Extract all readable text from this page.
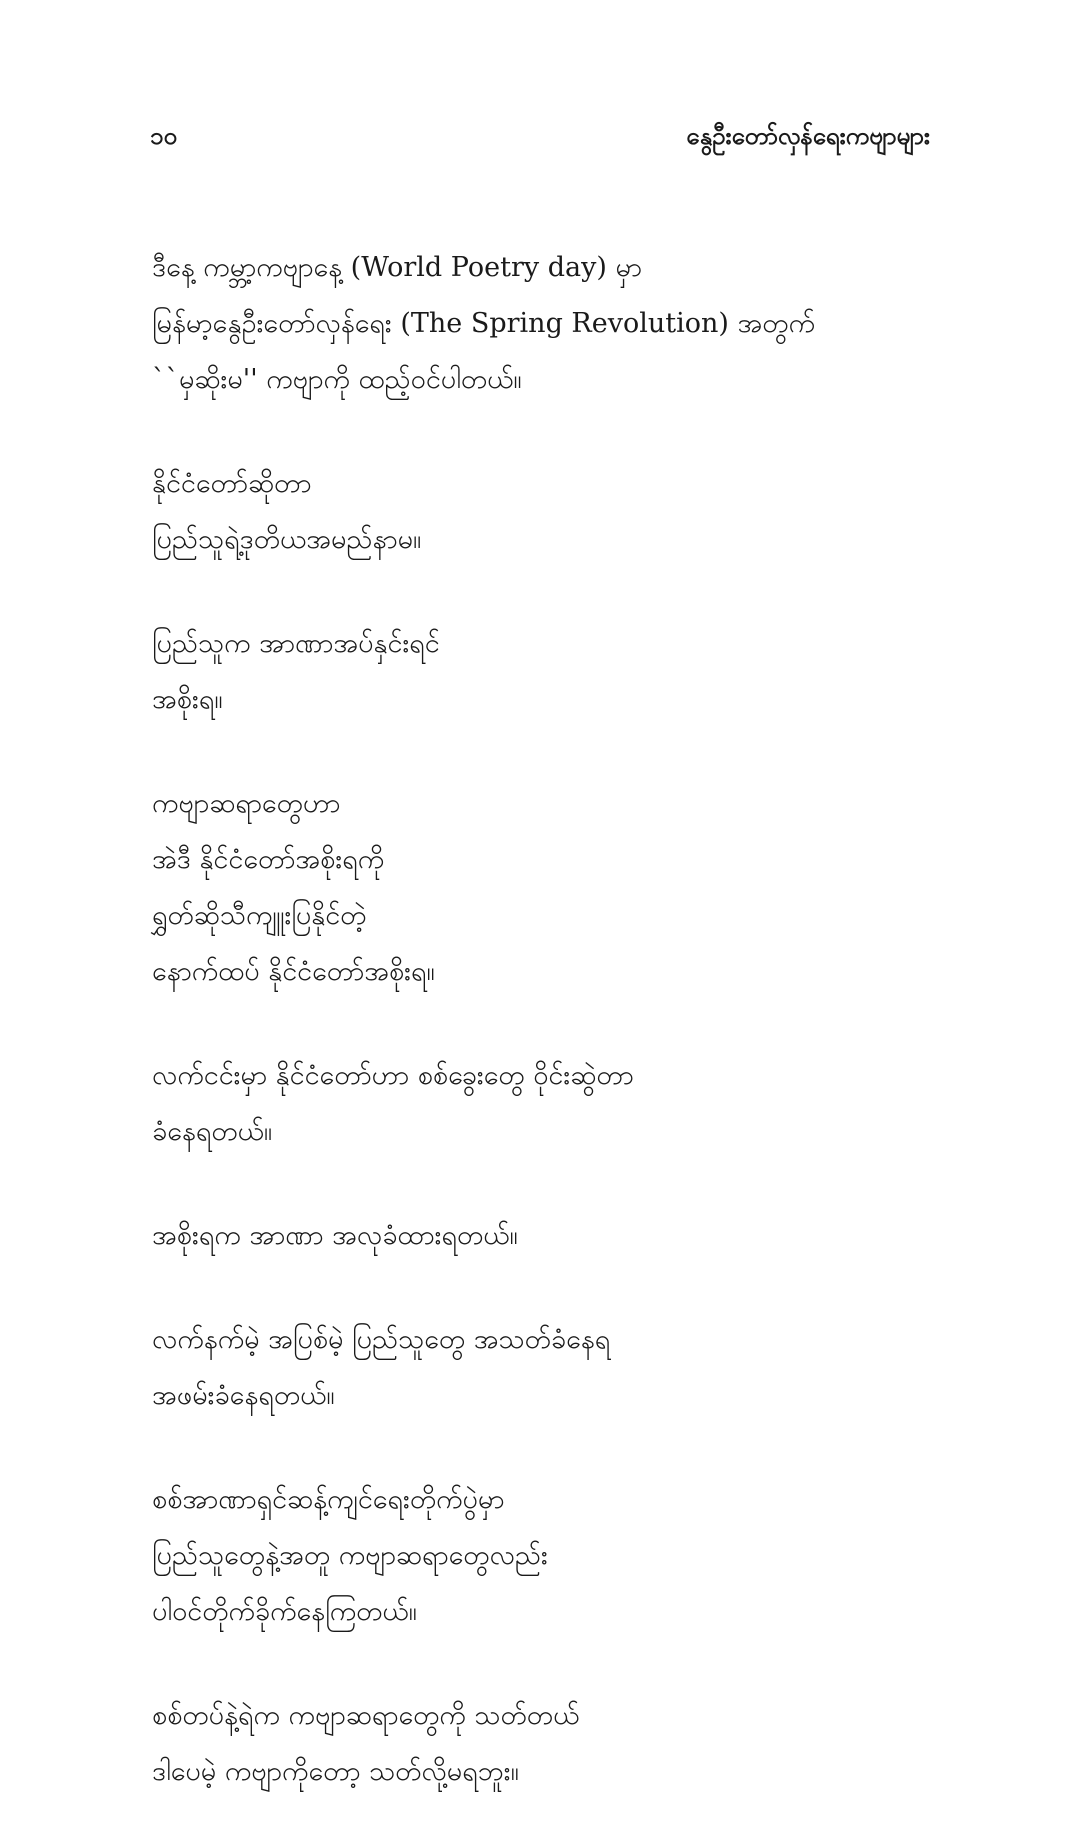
၁၀	နွေဦးတော်လှန်ရေးကဗျာများ
ဒီနေ့ ကမ္ဘာ့ကဗျာနေ့ (World Poetry day) မှာ
မြန်မာ့နွေဦးတော်လှန်ရေး (The Spring Revolution) အတွက်
``မှဆိုးမ'' ကဗျာကို ထည့်ဝင်ပါတယ်။
နိုင်ငံတော်ဆိုတာ
ပြည်သူရဲ့ဒုတိယအမည်နာမ။
ပြည်သူက အာဏာအပ်နှင်းရင်
အစိုးရ။
ကဗျာဆရာတွေဟာ
အဲဒီ နိုင်ငံတော်အစိုးရကို
ရွှတ်ဆိုသီကျူးပြနိုင်တဲ့
နောက်ထပ် နိုင်ငံတော်အစိုးရ။
လက်ငင်းမှာ နိုင်ငံတော်ဟာ စစ်ခွေးတွေ ဝိုင်းဆွဲတာ
ခံနေရတယ်။
အစိုးရက အာဏာ အလုခံထားရတယ်။
လက်နက်မဲ့ အပြစ်မဲ့ ပြည်သူတွေ အသတ်ခံနေရ
အဖမ်းခံနေရတယ်။
စစ်အာဏာရှင်ဆန့်ကျင်ရေးတိုက်ပွဲမှာ
ပြည်သူတွေနဲ့အတူ ကဗျာဆရာတွေလည်း
ပါဝင်တိုက်ခိုက်နေကြတယ်။
စစ်တပ်နဲ့ရဲက ကဗျာဆရာတွေကို သတ်တယ်
ဒါပေမဲ့ ကဗျာကိုတော့ သတ်လို့မရဘူး။
